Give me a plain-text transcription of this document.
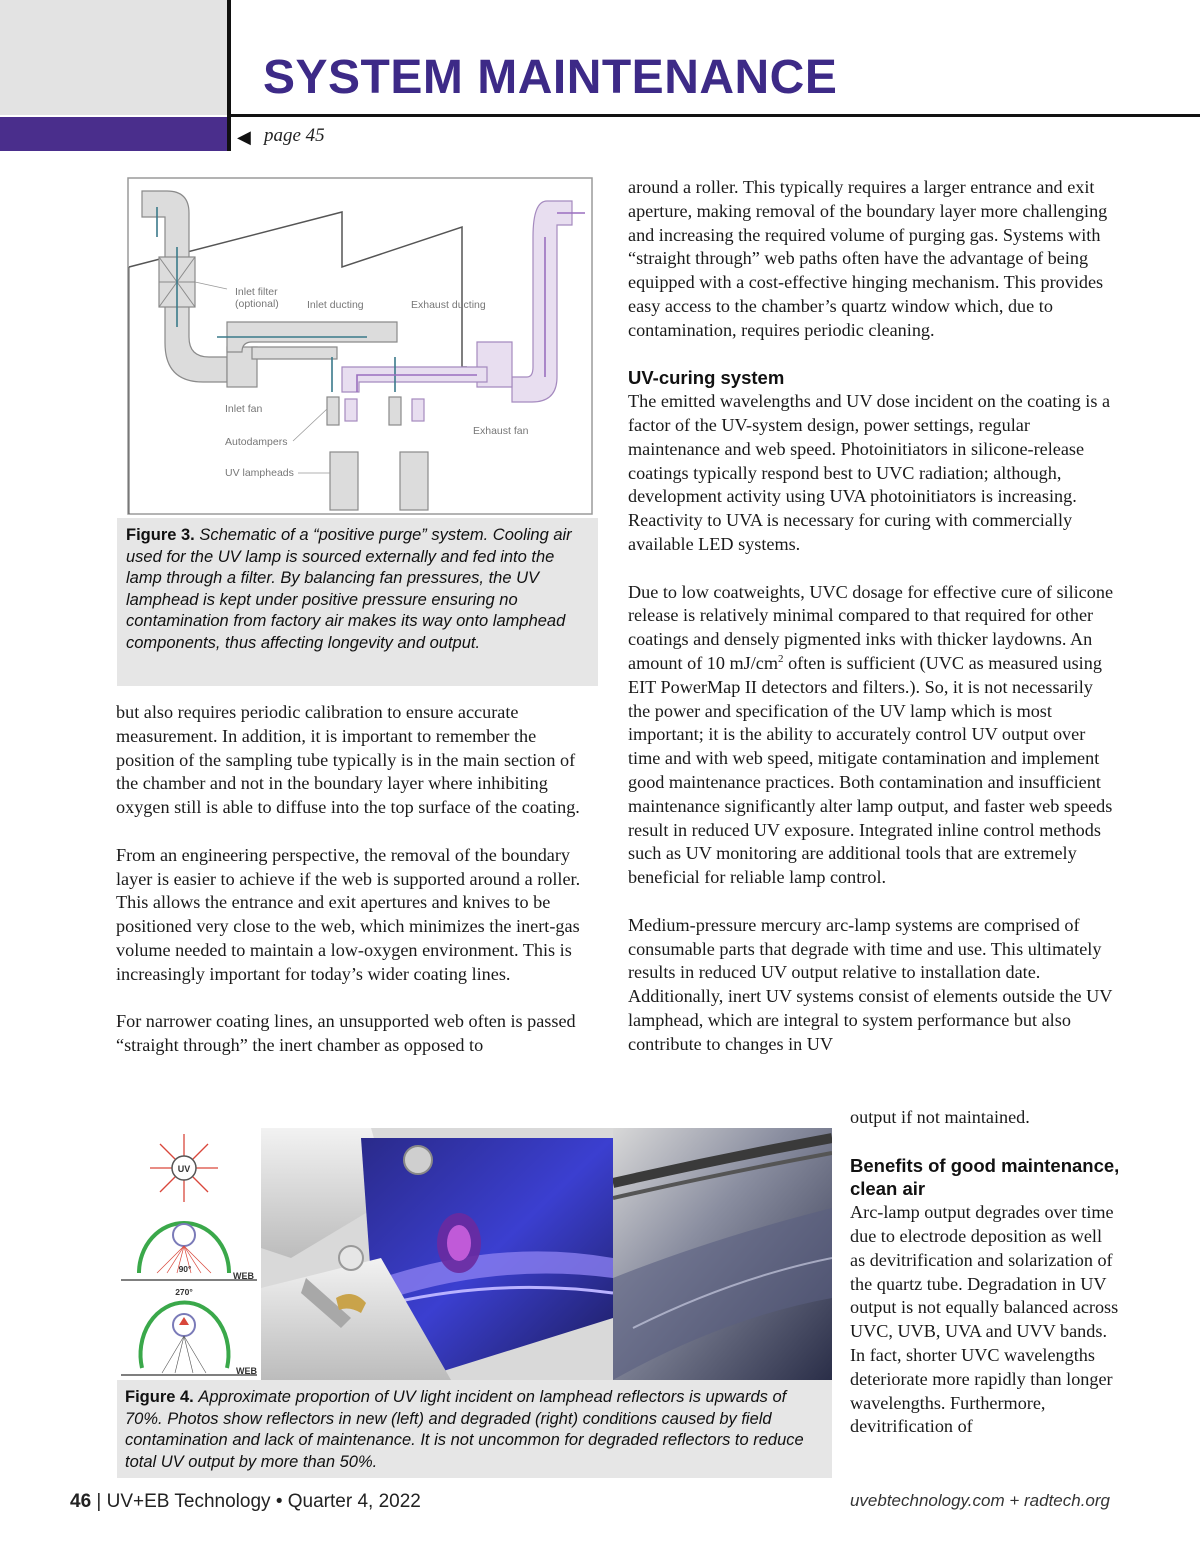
SYSTEM MAINTENANCE
◀ page 45
Inlet filter
(optional)	Inlet ducting	Exhaust ducting
Inlet fan
Exhaust fan
Autodampers
UV lampheads
Figure 3. Schematic of a “positive purge” system. Cooling air used for the UV lamp is sourced externally and fed into the lamp through a filter. By balancing fan pressures, the UV lamphead is kept under positive pressure ensuring no contamination from factory air makes its way onto lamphead components, thus affecting longevity and output.

but also requires periodic calibration to ensure accurate measurement. In addition, it is important to remember the position of the sampling tube typically is in the main section of the chamber and not in the boundary layer where inhibiting oxygen still is able to diffuse into the top surface of the coating.

From an engineering perspective, the removal of the boundary layer is easier to achieve if the web is supported around a roller. This allows the entrance and exit apertures and knives to be positioned very close to the web, which minimizes the inert-gas volume needed to maintain a low-oxygen environment. This is increasingly important for today’s wider coating lines.

For narrower coating lines, an unsupported web often is passed “straight through” the inert chamber as opposed to

around a roller. This typically requires a larger entrance and exit aperture, making removal of the boundary layer more challenging and increasing the required volume of purging gas. Systems with “straight through” web paths often have the advantage of being equipped with a cost-effective hinging mechanism. This provides easy access to the chamber’s quartz window which, due to contamination, requires periodic cleaning.

UV-curing system

The emitted wavelengths and UV dose incident on the coating is a factor of the UV-system design, power settings, regular maintenance and web speed. Photoinitiators in silicone-release coatings typically respond best to UVC radiation; although, development activity using UVA photoinitiators is increasing. Reactivity to UVA is necessary for curing with commercially available LED systems.

Due to low coatweights, UVC dosage for effective cure of silicone release is relatively minimal compared to that required for other coatings and densely pigmented inks with thicker laydowns. An amount of 10 $mJ/cm^2$ often is sufficient (UVC as measured using EIT PowerMap II detectors and filters.). So, it is not necessarily the power and specification of the UV lamp which is most important; it is the ability to accurately control UV output over time and with web speed, mitigate contamination and implement good maintenance practices. Both contamination and insufficient maintenance significantly alter lamp output, and faster web speeds result in reduced UV exposure. Integrated inline control methods such as UV monitoring are additional tools that are extremely beneficial for reliable lamp control.

Medium-pressure mercury arc-lamp systems are comprised of consumable parts that degrade with time and use. This ultimately results in reduced UV output relative to installation date. Additionally, inert UV systems consist of elements outside the UV lamphead, which are integral to system performance but also contribute to changes in UV

output if not maintained.

Benefits of good maintenance, clean air

Arc-lamp output degrades over time due to electrode deposition as well as devitrification and solarization of the quartz tube. Degradation in UV output is not equally balanced across UVC, UVB, UVA and UVV bands. In fact, shorter UVC wavelengths deteriorate more rapidly than longer wavelengths. Furthermore, devitrification of

UV
90°
WEB
270°
WEB
Figure 4. Approximate proportion of UV light incident on lamphead reflectors is upwards of 70%. Photos show reflectors in new (left) and degraded (right) conditions caused by field contamination and lack of maintenance. It is not uncommon for degraded reflectors to reduce total UV output by more than 50%.
46 | UV+EB Technology • Quarter 4, 2022	uvebtechnology.com + radtech.org
